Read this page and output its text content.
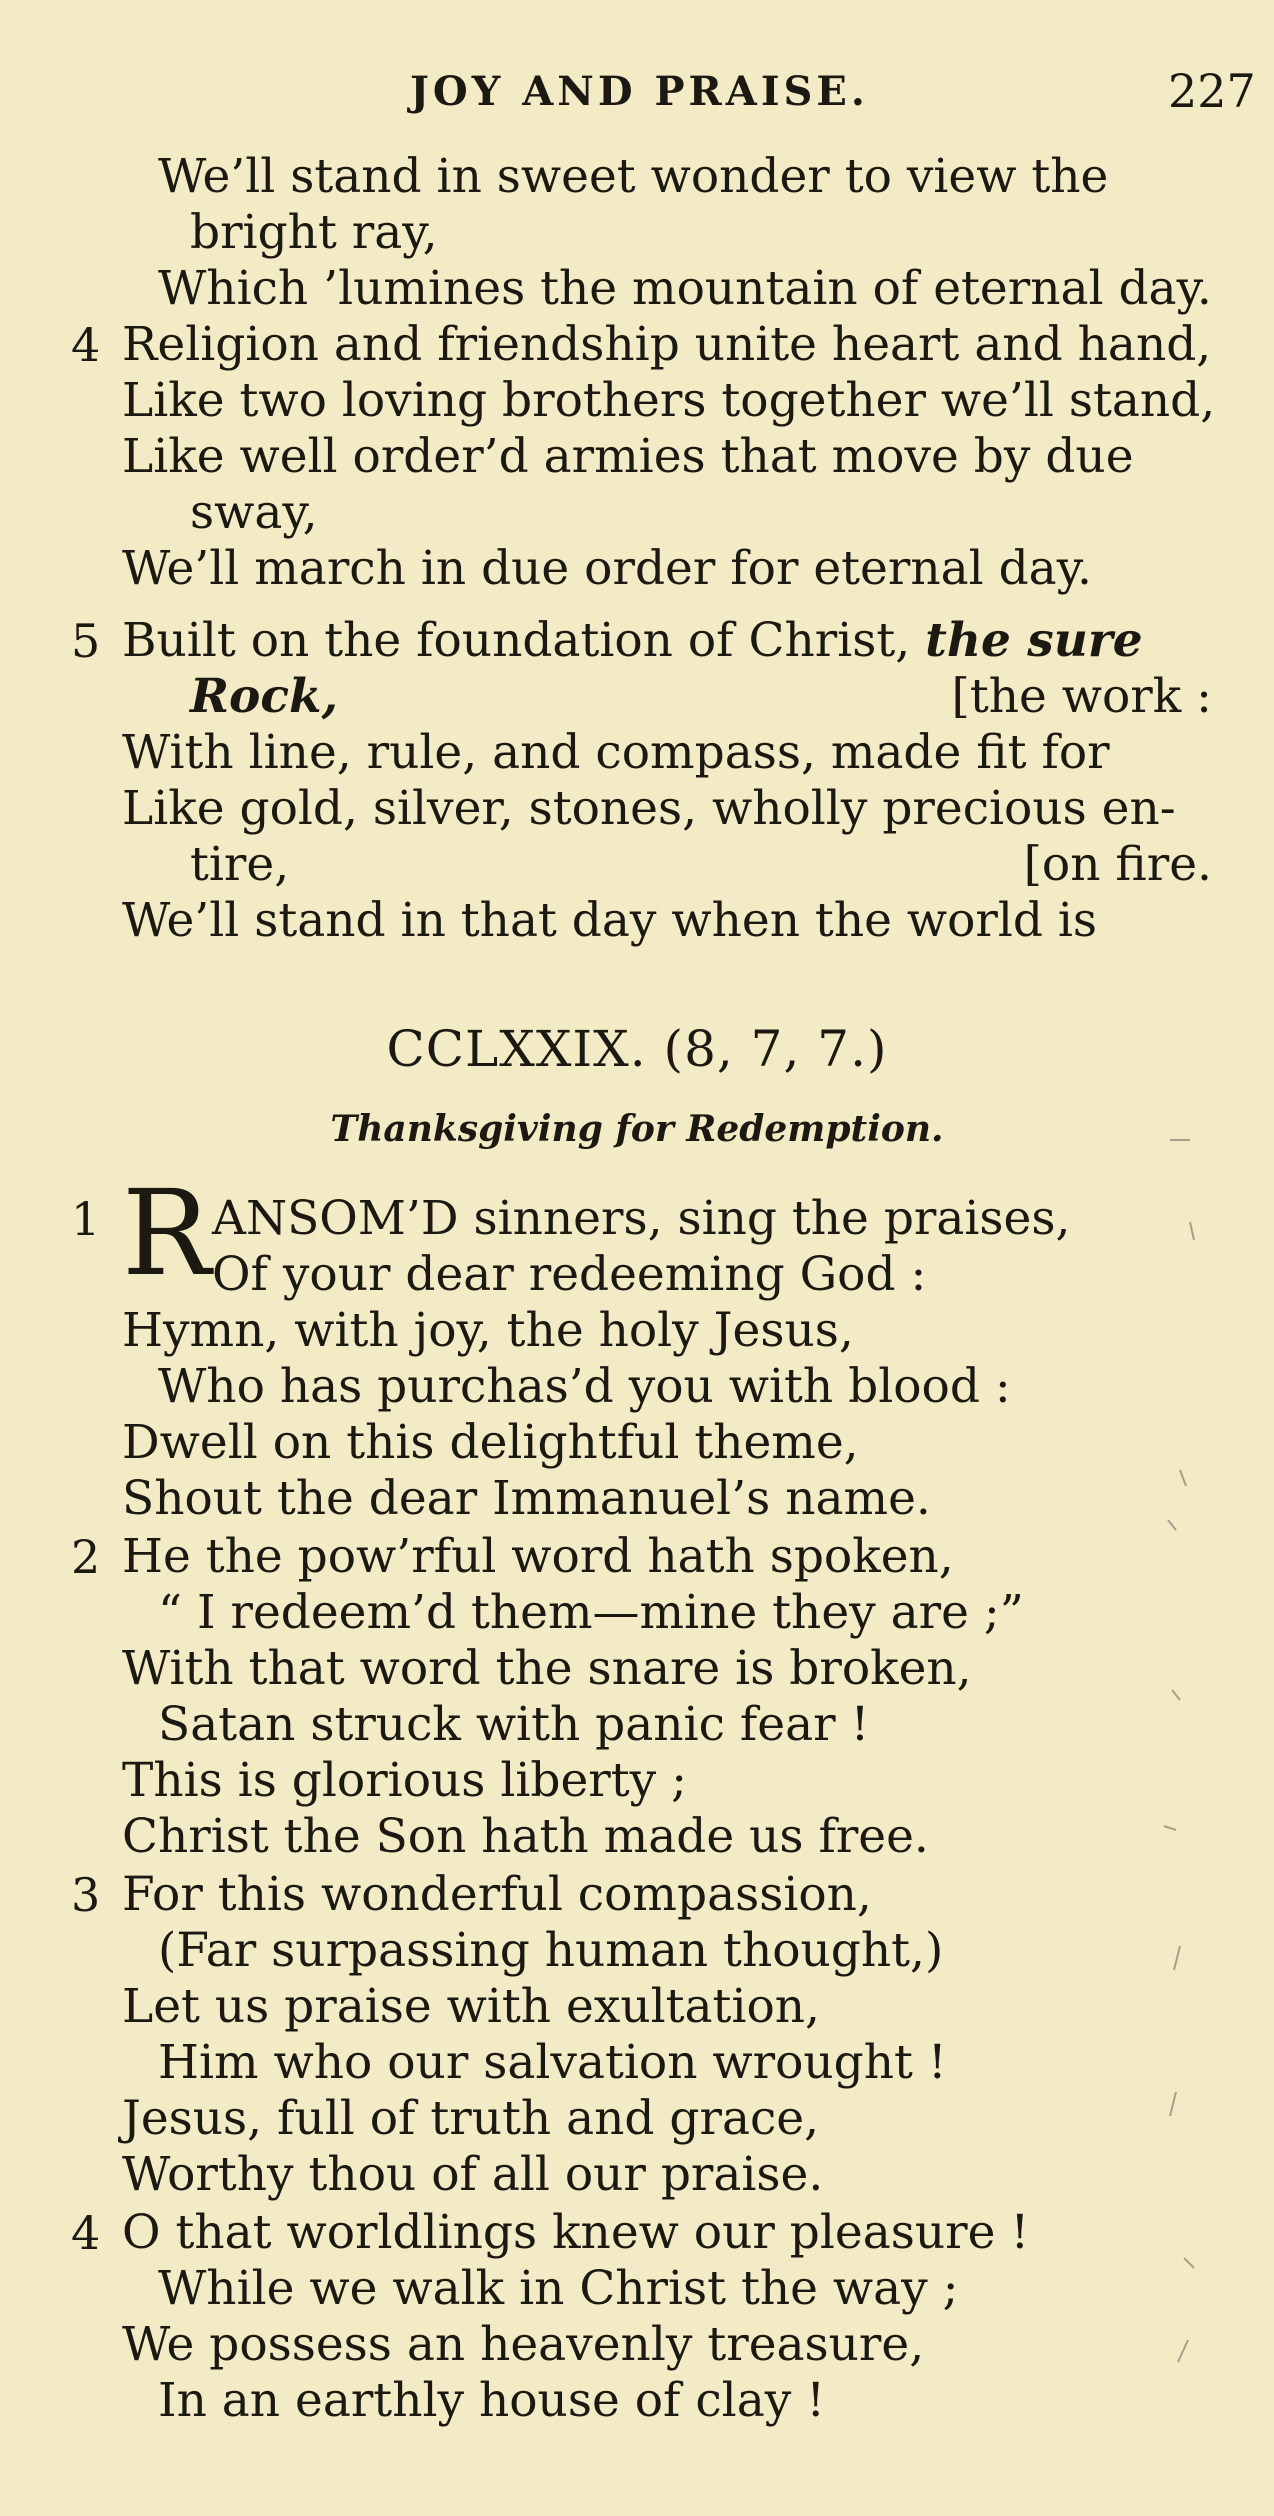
JOY AND PRAISE.	227
We’ll stand in sweet wonder to view the
bright ray,
Which ’lumines the mountain of eternal day.
4 Religion and friendship unite heart and hand,
Like two loving brothers together we’ll stand,
Like well order’d armies that move by due
sway,
We’ll march in due order for eternal day.
5 Built on the foundation of Christ, the sure
Rock,	[the work :
With line, rule, and compass, made fit for
Like gold, silver, stones, wholly precious en-
tire,	[on fire.
We’ll stand in that day when the world is
CCLXXIX. (8, 7, 7.)
Thanksgiving for Redemption.
1 R ANSOM’D sinners, sing the praises,
Of your dear redeeming God :
Hymn, with joy, the holy Jesus,
Who has purchas’d you with blood :
Dwell on this delightful theme,
Shout the dear Immanuel’s name.
2 He the pow’rful word hath spoken,
“ I redeem’d them—mine they are ;”
With that word the snare is broken,
Satan struck with panic fear !
This is glorious liberty ;
Christ the Son hath made us free.
3 For this wonderful compassion,
(Far surpassing human thought,)
Let us praise with exultation,
Him who our salvation wrought !
Jesus, full of truth and grace,
Worthy thou of all our praise.
4 O that worldlings knew our pleasure !
While we walk in Christ the way ;
We possess an heavenly treasure,
In an earthly house of clay !
